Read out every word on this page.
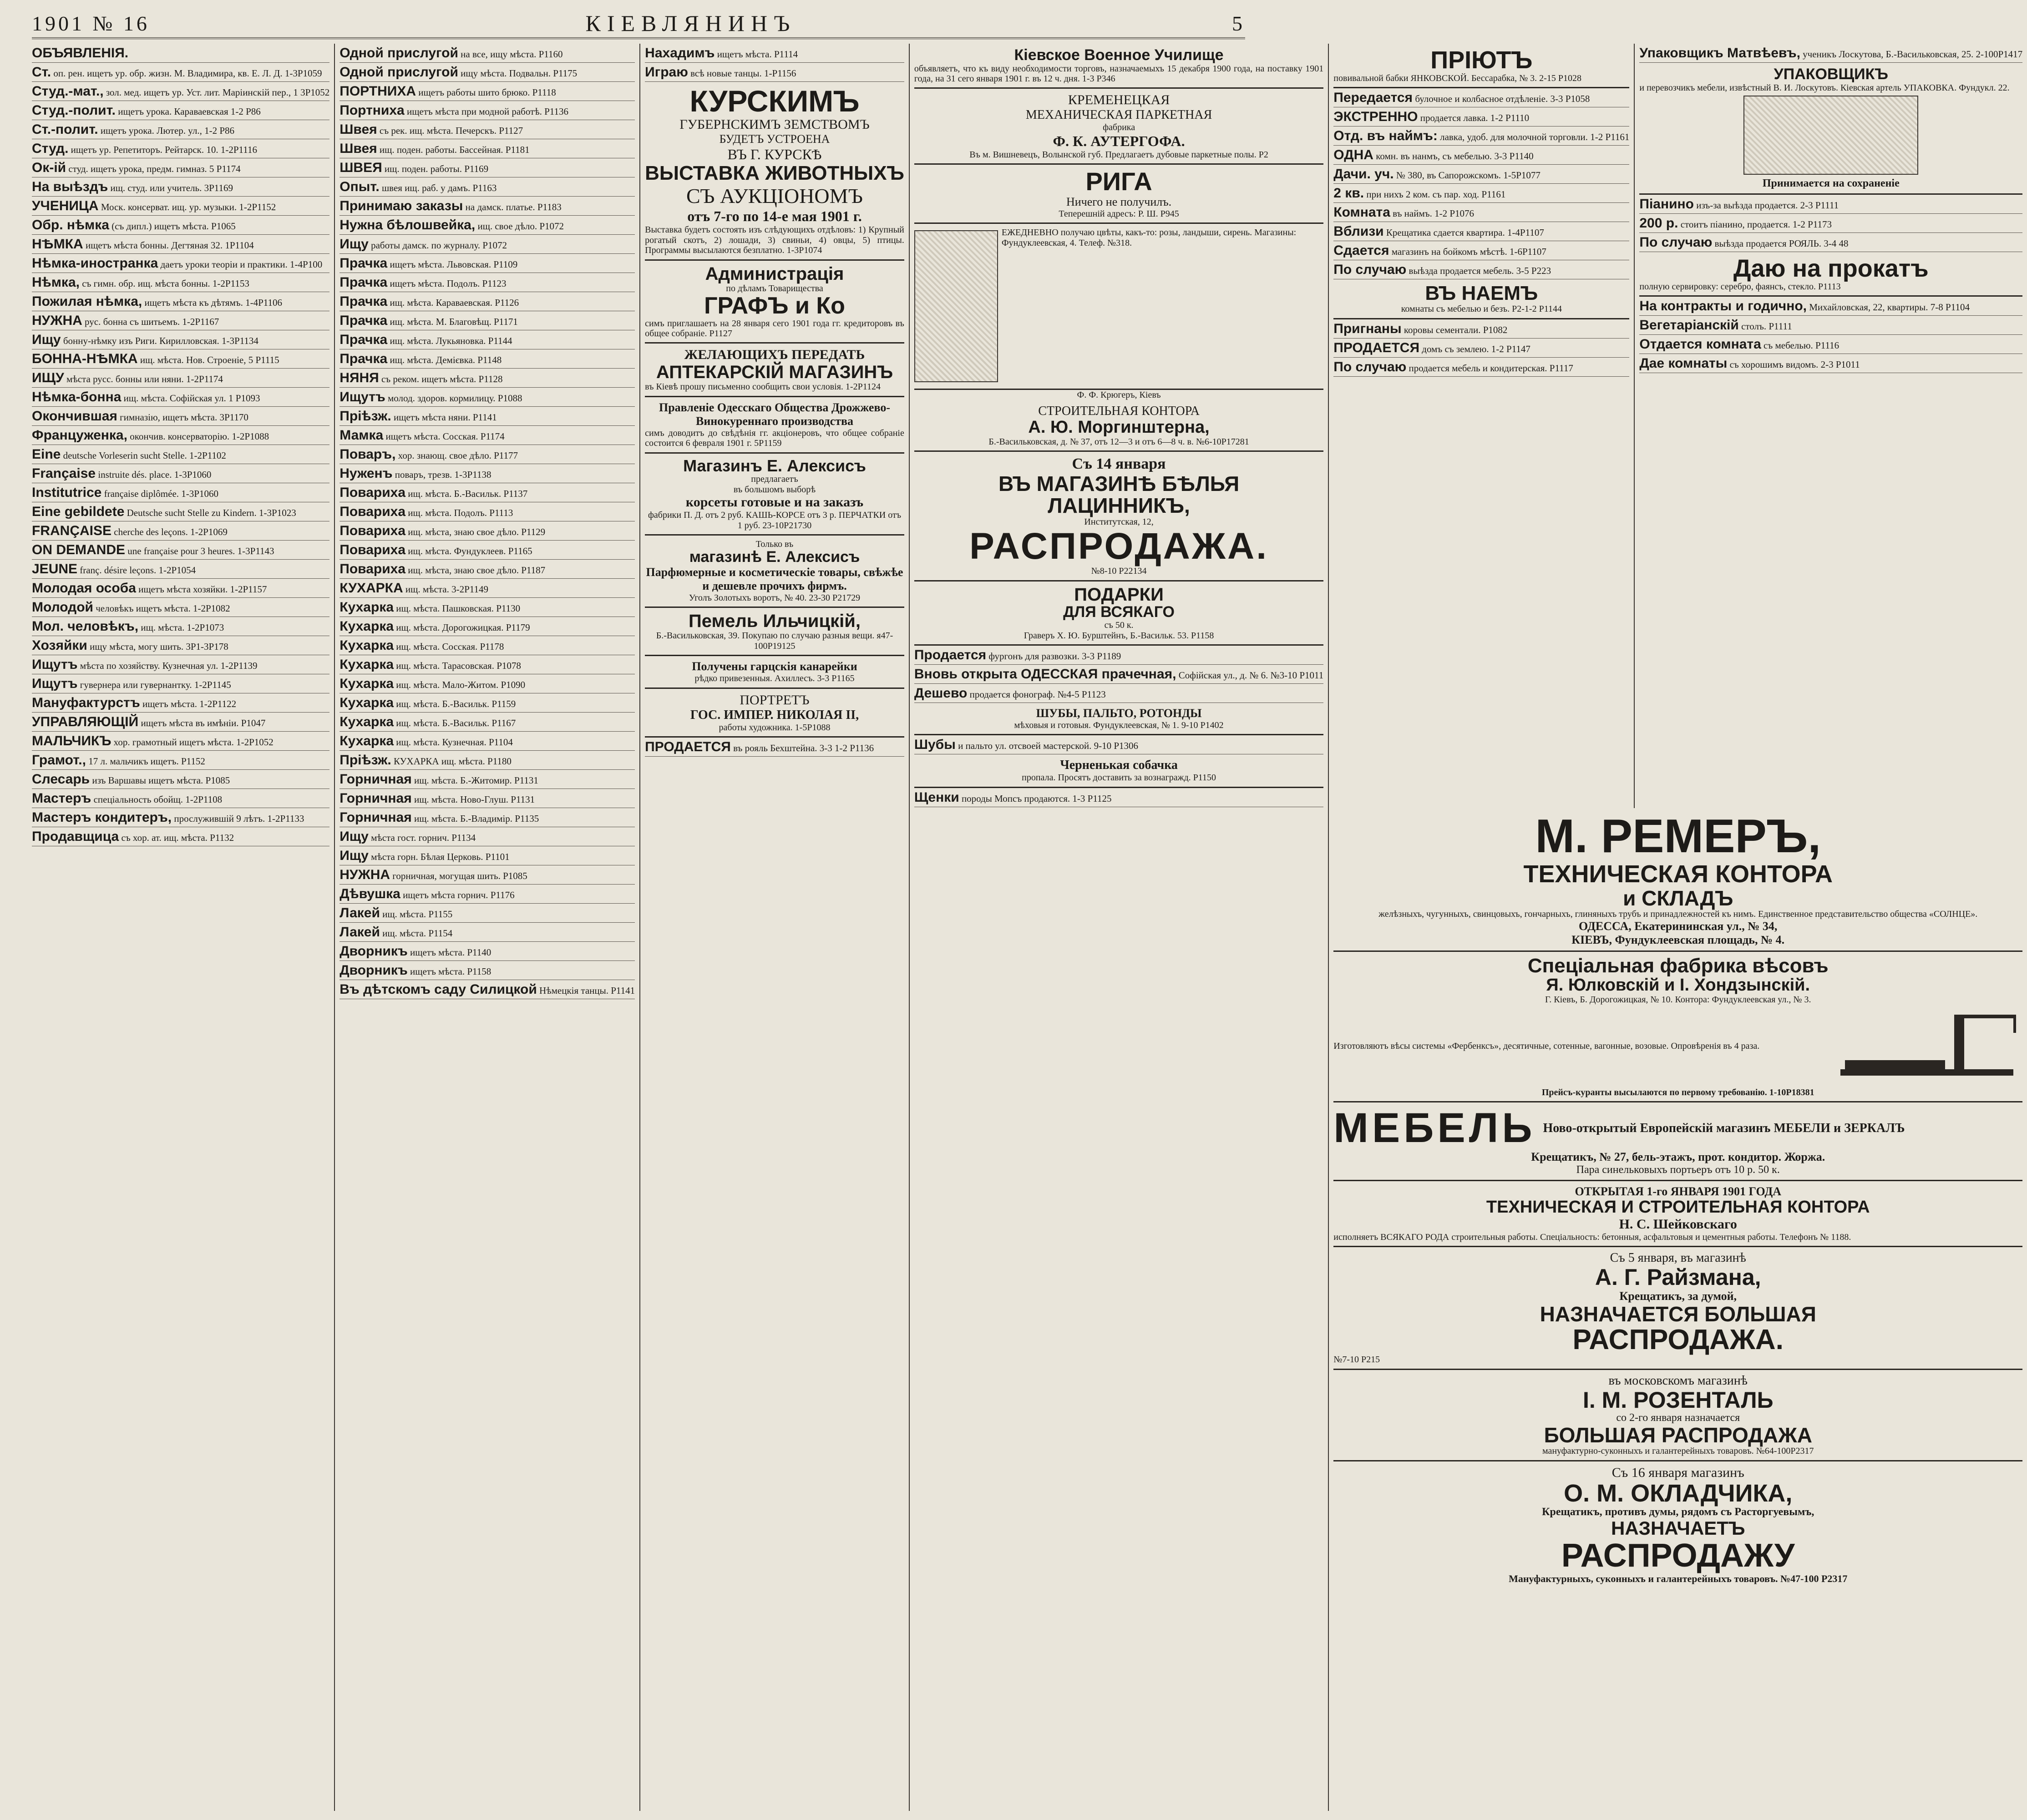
1901 № 16	КІЕВЛЯНИНЪ	5
ОБЪЯВЛЕНІЯ.
Ст. оп. рен. ищетъ ур. обр. жизн. М. Владимира, кв. Е. Л. Д. 1-3Р1059
Студ.-мат., зол. мед. ищетъ ур. Уст. лит. Маріинскій пер., 1 3Р1052
Студ.-полит. ищетъ урока. Караваевская 1-2 Р86
Ст.-полит. ищетъ урока. Лютер. ул., 1-2 Р86
Студ. ищетъ ур. Репетиторъ. Рейтарск. 10. 1-2Р1116
Ок-ій студ. ищетъ урока, предм. гимназ. 5 Р1174
На выѣздъ ищ. студ. или учитель. 3Р1169
УЧЕНИЦА Моск. консерват. ищ. ур. музыки. 1-2Р1152
Обр. нѣмка (съ дипл.) ищетъ мѣста. Р1065
НѢМКА ищетъ мѣста бонны. Дегтяная 32. 1Р1104
Нѣмка-иностранка даетъ уроки теоріи и практики. 1-4Р100
Нѣмка, съ гимн. обр. ищ. мѣста бонны. 1-2Р1153
Пожилая нѣмка, ищетъ мѣста къ дѣтямъ. 1-4Р1106
НУЖНА рус. бонна съ шитьемъ. 1-2Р1167
Ищу бонну-нѣмку изъ Риги. Кирилловская. 1-3Р1134
БОННА-НѢМКА ищ. мѣста. Нов. Строеніе, 5 Р1115
ИЩУ мѣста русс. бонны или няни. 1-2Р1174
Нѣмка-бонна ищ. мѣста. Софійская ул. 1 Р1093
Окончившая гимназію, ищетъ мѣста. 3Р1170
Француженка, окончив. консерваторію. 1-2Р1088
Eine deutsche Vorleserin sucht Stelle. 1-2Р1102
Française instruite dés. place. 1-3Р1060
Institutrice française diplômée. 1-3Р1060
Eine gebildete Deutsche sucht Stelle zu Kindern. 1-3Р1023
FRANÇAISE cherche des leçons. 1-2Р1069
ON DEMANDE une française pour 3 heures. 1-3Р1143
JEUNE franç. désire leçons. 1-2Р1054
Молодая особа ищетъ мѣста хозяйки. 1-2Р1157
Молодой человѣкъ ищетъ мѣста. 1-2Р1082
Мол. человѣкъ, ищ. мѣста. 1-2Р1073
Хозяйки ищу мѣста, могу шить. 3Р1-3Р178
Ищутъ мѣста по хозяйству. Кузнечная ул. 1-2Р1139
Ищутъ гувернера или гувернантку. 1-2Р1145
Мануфактурстъ ищетъ мѣста. 1-2Р1122
УПРАВЛЯЮЩІЙ ищетъ мѣста въ имѣніи. Р1047
МАЛЬЧИКЪ хор. грамотный ищетъ мѣста. 1-2Р1052
Грамот., 17 л. мальчикъ ищетъ. Р1152
Слесарь изъ Варшавы ищетъ мѣста. Р1085
Мастеръ спеціальность обойщ. 1-2Р1108
Мастеръ кондитеръ, прослужившій 9 лѣтъ. 1-2Р1133
Продавщица съ хор. ат. ищ. мѣста. Р1132
Одной прислугой на все, ищу мѣста. Р1160
Одной прислугой ищу мѣста. Подвальн. Р1175
ПОРТНИХА ищетъ работы шито брюко. Р1118
Портниха ищетъ мѣста при модной работѣ. Р1136
Швея съ рек. ищ. мѣста. Печерскъ. Р1127
Швея ищ. поден. работы. Бассейная. Р1181
ШВЕЯ ищ. поден. работы. Р1169
Опыт. швея ищ. раб. у дамъ. Р1163
Принимаю заказы на дамск. платье. Р1183
Нужна бѣлошвейка, ищ. свое дѣло. Р1072
Ищу работы дамск. по журналу. Р1072
Прачка ищетъ мѣста. Львовская. Р1109
Прачка ищетъ мѣста. Подолъ. Р1123
Прачка ищ. мѣста. Караваевская. Р1126
Прачка ищ. мѣста. М. Благовѣщ. Р1171
Прачка ищ. мѣста. Лукьяновка. Р1144
Прачка ищ. мѣста. Демієвка. Р1148
НЯНЯ съ реком. ищетъ мѣста. Р1128
Ищутъ молод. здоров. кормилицу. Р1088
Пріѣзж. ищетъ мѣста няни. Р1141
Мамка ищетъ мѣста. Сосская. Р1174
Поваръ, хор. знающ. свое дѣло. Р1177
Нуженъ поваръ, трезв. 1-3Р1138
Повариха ищ. мѣста. Б.-Васильк. Р1137
Повариха ищ. мѣста. Подолъ. Р1113
Повариха ищ. мѣста, знаю свое дѣло. Р1129
Повариха ищ. мѣста. Фундуклеев. Р1165
Повариха ищ. мѣста, знаю свое дѣло. Р1187
КУХАРКА ищ. мѣста. 3-2Р1149
Кухарка ищ. мѣста. Пашковская. Р1130
Кухарка ищ. мѣста. Дорогожицкая. Р1179
Кухарка ищ. мѣста. Сосская. Р1178
Кухарка ищ. мѣста. Тарасовская. Р1078
Кухарка ищ. мѣста. Мало-Житом. Р1090
Кухарка ищ. мѣста. Б.-Васильк. Р1159
Кухарка ищ. мѣста. Б.-Васильк. Р1167
Кухарка ищ. мѣста. Кузнечная. Р1104
Пріѣзж. КУХАРКА ищ. мѣста. Р1180
Горничная ищ. мѣста. Б.-Житомир. Р1131
Горничная ищ. мѣста. Ново-Глуш. Р1131
Горничная ищ. мѣста. Б.-Владимір. Р1135
Ищу мѣста гост. горнич. Р1134
Ищу мѣста горн. Бѣлая Церковь. Р1101
НУЖНА горничная, могущая шить. Р1085
Дѣвушка ищетъ мѣста горнич. Р1176
Лакей ищ. мѣста. Р1155
Лакей ищ. мѣста. Р1154
Дворникъ ищетъ мѣста. Р1140
Дворникъ ищетъ мѣста. Р1158
Въ дѣтскомъ саду Силицкой Нѣмецкія танцы. Р1141
Нахадимъ ищетъ мѣста. Р1114
Играю всѣ новые танцы. 1-Р1156
КУРСКИМЪ
ГУБЕРНСКИМЪ ЗЕМСТВОМЪ
БУДЕТЪ УСТРОЕНА
ВЪ Г. КУРСКѢ
ВЫСТАВКА ЖИВОТНЫХЪ
СЪ АУКЦІОНОМЪ
отъ 7-го по 14-е мая 1901 г.
Выставка будетъ состоять изъ слѣдующихъ отдѣловъ: 1) Крупный рогатый скотъ, 2) лошади, 3) свиньи, 4) овцы, 5) птицы. Программы высылаются безплатно. 1-3Р1074
Администрація
по дѣламъ Товарищества
ГРАФЪ и Ко
симъ приглашаетъ на 28 января сего 1901 года гг. кредиторовъ въ общее собраніе. Р1127
ЖЕЛАЮЩИХЪ ПЕРЕДАТЬ
АПТЕКАРСКІЙ МАГАЗИНЪ
въ Кіевѣ прошу письменно сообщить свои условія. 1-2Р1124
Правленіе Одесскаго Общества Дрожжево-Винокуреннаго производства
симъ доводитъ до свѣдѣнія гг. акціонеровъ, что общее собраніе состоится 6 февраля 1901 г. 5Р1159
Магазинъ Е. Алексисъ
предлагаетъ
въ большомъ выборѣ
корсеты готовые и на заказъ
фабрики П. Д. отъ 2 руб. КАШЬ-КОРСЕ отъ 3 р. ПЕРЧАТКИ отъ 1 руб. 23-10Р21730
Только въ
магазинѣ Е. Алексисъ
Парфюмерные и косметическіе товары, свѣжѣе и дешевле прочихъ фирмъ.
Уголъ Золотыхъ воротъ, № 40. 23-30 Р21729
Пемель Ильчицкій,
Б.-Васильковская, 39. Покупаю по случаю разныя вещи. я47-100Р19125
Получены гарцскія канарейки
рѣдко привезенныя. Ахиллесъ. 3-3 Р1165
ПОРТРЕТЪ
ГОС. ИМПЕР. НИКОЛАЯ II,
работы художника. 1-5Р1088
ПРОДАЕТСЯ въ рояль Бехштейна. 3-3 1-2 Р1136
Кіевское Военное Училище
объявляетъ, что къ виду необходимости торговъ, назначаемыхъ 15 декабря 1900 года, на поставку 1901 года, на 31 сего января 1901 г. въ 12 ч. дня. 1-3 Р346
КРЕМЕНЕЦКАЯ
МЕХАНИЧЕСКАЯ ПАРКЕТНАЯ
фабрика
Ф. К. АУТЕРГОФА.
Въ м. Вишневецъ, Волынской губ. Предлагаетъ дубовые паркетные полы. Р2
РИГА
Ничего не получилъ.
Теперешній адресъ: Р. Ш. Р945
ЕЖЕДНЕВНО получаю цвѣты, какъ-то: розы, ландыши, сирень. Магазины: Фундуклеевская, 4. Телеф. №318.
Ф. Ф. Крюгеръ, Кіевъ
СТРОИТЕЛЬНАЯ КОНТОРА
А. Ю. Моргинштерна,
Б.-Васильковская, д. № 37, отъ 12—3 и отъ 6—8 ч. в. №6-10Р17281
Съ 14 января
ВЪ МАГАЗИНѢ БѢЛЬЯ
ЛАЦИННИКЪ,
Институтская, 12,
РАСПРОДАЖА.
№8-10 Р22134
ПОДАРКИ
ДЛЯ ВСЯКАГО
съ 50 к.
Граверъ Х. Ю. Бурштейнъ, Б.-Васильк. 53. Р1158
Продается фургонъ для развозки. 3-3 Р1189
Вновь открыта ОДЕССКАЯ прачечная, Софійская ул., д. № 6. №3-10 Р1011
Дешево продается фонограф. №4-5 Р1123
ШУБЫ, ПАЛЬТО, РОТОНДЫ
мѣховыя и готовыя. Фундуклеевская, № 1. 9-10 Р1402
Шубы и пальто ул. отсвоей мастерской. 9-10 Р1306
Черненькая собачка
пропала. Просятъ доставить за вознагражд. Р1150
Щенки породы Мопсъ продаются. 1-3 Р1125
ПРІЮТЪ
повивальной бабки ЯНКОВСКОЙ. Бессарабка, № 3. 2-15 Р1028
Передается булочное и колбасное отдѣленіе. 3-3 Р1058
ЭКСТРЕННО продается лавка. 1-2 Р1110
Отд. въ наймъ: лавка, удоб. для молочной торговли. 1-2 Р1161
ОДНА комн. въ нанмъ, съ мебелью. 3-3 Р1140
Дачи. уч. № 380, въ Сапорожскомъ. 1-5Р1077
2 кв. при нихъ 2 ком. съ пар. ход. Р1161
Комната въ наймъ. 1-2 Р1076
Вблизи Крещатика сдается квартира. 1-4Р1107
Сдается магазинъ на бойкомъ мѣстѣ. 1-6Р1107
По случаю выѣзда продается мебель. 3-5 Р223
ВЪ НАЕМЪ
комнаты съ мебелью и безъ. Р2-1-2 Р1144
Пригнаны коровы сементали. Р1082
ПРОДАЕТСЯ домъ съ землею. 1-2 Р1147
По случаю продается мебель и кондитерская. Р1117
Упаковщикъ Матвѣевъ, ученикъ Лоскутова, Б.-Васильковская, 25. 2-100Р1417
УПАКОВЩИКЪ
и перевозчикъ мебели, извѣстный В. И. Лоскутовъ. Кіевская артель УПАКОВКА. Фундукл. 22.
Принимается на сохраненіе
Піанино изъ-за выѣзда продается. 2-3 Р1111
200 р. стоитъ піанино, продается. 1-2 Р1173
По случаю выѣзда продается РОЯЛЬ. 3-4 48
Даю на прокатъ
полную сервировку: серебро, фаянсъ, стекло. Р1113
На контракты и годично, Михайловская, 22, квартиры. 7-8 Р1104
Вегетаріанскій столъ. Р1111
Отдается комната съ мебелью. Р1116
Дае комнаты съ хорошимъ видомъ. 2-3 Р1011
М. РЕМЕРЪ,
ТЕХНИЧЕСКАЯ КОНТОРА
и СКЛАДЪ
желѣзныхъ, чугунныхъ, свинцовыхъ, гончарныхъ, глиняныхъ трубъ и принадлежностей къ нимъ. Единственное представительство общества «СОЛНЦЕ».
ОДЕССА, Екатерининская ул., № 34,
КІЕВЪ, Фундуклеевская площадь, № 4.
Спеціальная фабрика вѣсовъ
Я. Юлковскій и І. Хондзынскій.
Г. Кіевъ, Б. Дорогожицкая, № 10. Контора: Фундуклеевская ул., № 3.
Изготовляютъ вѣсы системы «Фербенксъ», десятичные, сотенные, вагонные, возовые. Опровѣренія въ 4 раза.
Прейсъ-куранты высылаются по первому требованію. 1-10Р18381
МЕБЕЛЬ Ново-открытый Европейскій магазинъ МЕБЕЛИ и ЗЕРКАЛЪ
Крещатикъ, № 27, бель-этажъ, прот. кондитор. Жоржа.
Пара синельковыхъ портьеръ отъ 10 р. 50 к.
ОТКРЫТАЯ 1-го ЯНВАРЯ 1901 ГОДА
ТЕХНИЧЕСКАЯ И СТРОИТЕЛЬНАЯ КОНТОРА
Н. С. Шейковскаго
исполняетъ ВСЯКАГО РОДА строительныя работы. Спеціальность: бетонныя, асфальтовыя и цементныя работы. Телефонъ № 1188.
Съ 5 января, въ магазинѣ
А. Г. Райзмана,
Крещатикъ, за думой,
НАЗНАЧАЕТСЯ БОЛЬШАЯ
РАСПРОДАЖА.
№7-10 Р215
въ московскомъ магазинѣ
I. М. РОЗЕНТАЛЬ
со 2-го января назначается
БОЛЬШАЯ РАСПРОДАЖА
мануфактурно-суконныхъ и галантерейныхъ товаровъ. №64-100Р2317
Съ 16 января магазинъ
О. М. ОКЛАДЧИКА,
Крещатикъ, противъ думы, рядомъ съ Расторгуевымъ,
НАЗНАЧАЕТЪ
РАСПРОДАЖУ
Мануфактурныхъ, суконныхъ и галантерейныхъ товаровъ. №47-100 Р2317
